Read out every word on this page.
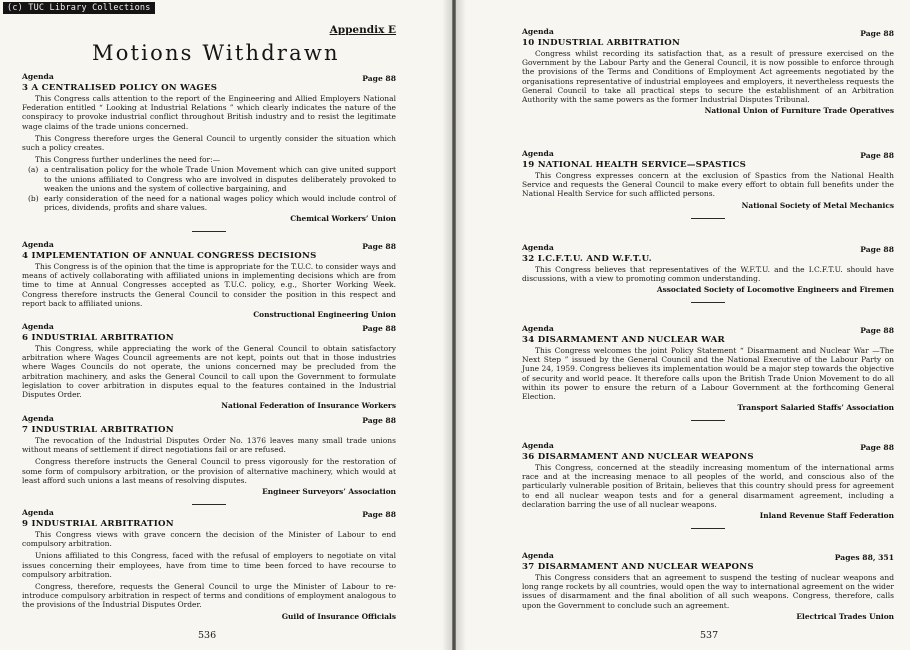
(c) TUC Library Collections
Appendix E
Motions Withdrawn
Agenda	Page 88
3 A CENTRALISED POLICY ON WAGES

This Congress calls attention to the report of the Engineering and Allied Employers National Federation entitled “ Looking at Industrial Relations ” which clearly indicates the nature of the conspiracy to provoke industrial conflict throughout British industry and to resist the legitimate wage claims of the trade unions concerned.

This Congress therefore urges the General Council to urgently consider the situation which such a policy creates.

This Congress further underlines the need for:—

(a) a centralisation policy for the whole Trade Union Movement which can give united support to the unions affiliated to Congress who are involved in disputes deliberately provoked to weaken the unions and the system of collective bargaining, and
(b) early consideration of the need for a national wages policy which would include control of prices, dividends, profits and share values.
Chemical Workers’ Union
Agenda	Page 88
4 IMPLEMENTATION OF ANNUAL CONGRESS DECISIONS

This Congress is of the opinion that the time is appropriate for the T.U.C. to consider ways and means of actively collaborating with affiliated unions in implementing decisions which are from time to time at Annual Congresses accepted as T.U.C. policy, e.g., Shorter Working Week. Congress therefore instructs the General Council to consider the position in this respect and report back to affiliated unions.

Constructional Engineering Union
Agenda	Page 88
6 INDUSTRIAL ARBITRATION

This Congress, while appreciating the work of the General Council to obtain satisfactory arbitration where Wages Council agreements are not kept, points out that in those industries where Wages Councils do not operate, the unions concerned may be precluded from the arbitration machinery, and asks the General Council to call upon the Government to formulate legislation to cover arbitration in disputes equal to the features contained in the Industrial Disputes Order.

National Federation of Insurance Workers
Agenda	Page 88
7 INDUSTRIAL ARBITRATION

The revocation of the Industrial Disputes Order No. 1376 leaves many small trade unions without means of settlement if direct negotiations fail or are refused.

Congress therefore instructs the General Council to press vigorously for the restoration of some form of compulsory arbitration, or the provision of alternative machinery, which would at least afford such unions a last means of resolving disputes.

Engineer Surveyors’ Association
Agenda	Page 88
9 INDUSTRIAL ARBITRATION

This Congress views with grave concern the decision of the Minister of Labour to end compulsory arbitration.

Unions affiliated to this Congress, faced with the refusal of employers to negotiate on vital issues concerning their employees, have from time to time been forced to have recourse to compulsory arbitration.

Congress, therefore, requests the General Council to urge the Minister of Labour to re-introduce compulsory arbitration in respect of terms and conditions of employment analogous to the provisions of the Industrial Disputes Order.

Guild of Insurance Officials
536
Agenda	Page 88
10 INDUSTRIAL ARBITRATION

Congress whilst recording its satisfaction that, as a result of pressure exercised on the Government by the Labour Party and the General Council, it is now possible to enforce through the provisions of the Terms and Conditions of Employment Act agreements negotiated by the organisations representative of industrial employees and employers, it nevertheless requests the General Council to take all practical steps to secure the establishment of an Arbitration Authority with the same powers as the former Industrial Disputes Tribunal.

National Union of Furniture Trade Operatives
Agenda	Page 88
19 NATIONAL HEALTH SERVICE—SPASTICS

This Congress expresses concern at the exclusion of Spastics from the National Health Service and requests the General Council to make every effort to obtain full benefits under the National Health Service for such afflicted persons.

National Society of Metal Mechanics
Agenda	Page 88
32 I.C.F.T.U. AND W.F.T.U.

This Congress believes that representatives of the W.F.T.U. and the I.C.F.T.U. should have discussions, with a view to promoting common understanding.

Associated Society of Locomotive Engineers and Firemen
Agenda	Page 88
34 DISARMAMENT AND NUCLEAR WAR

This Congress welcomes the joint Policy Statement “ Disarmament and Nuclear War —The Next Step ” issued by the General Council and the National Executive of the Labour Party on June 24, 1959. Congress believes its implementation would be a major step towards the objective of security and world peace. It therefore calls upon the British Trade Union Movement to do all within its power to ensure the return of a Labour Government at the forthcoming General Election.

Transport Salaried Staffs’ Association
Agenda	Page 88
36 DISARMAMENT AND NUCLEAR WEAPONS

This Congress, concerned at the steadily increasing momentum of the international arms race and at the increasing menace to all peoples of the world, and conscious also of the particularly vulnerable position of Britain, believes that this country should press for agreement to end all nuclear weapon tests and for a general disarmament agreement, including a declaration barring the use of all nuclear weapons.

Inland Revenue Staff Federation
Agenda	Pages 88, 351
37 DISARMAMENT AND NUCLEAR WEAPONS

This Congress considers that an agreement to suspend the testing of nuclear weapons and long range rockets by all countries, would open the way to international agreement on the wider issues of disarmament and the final abolition of all such weapons. Congress, therefore, calls upon the Government to conclude such an agreement.

Electrical Trades Union
537
